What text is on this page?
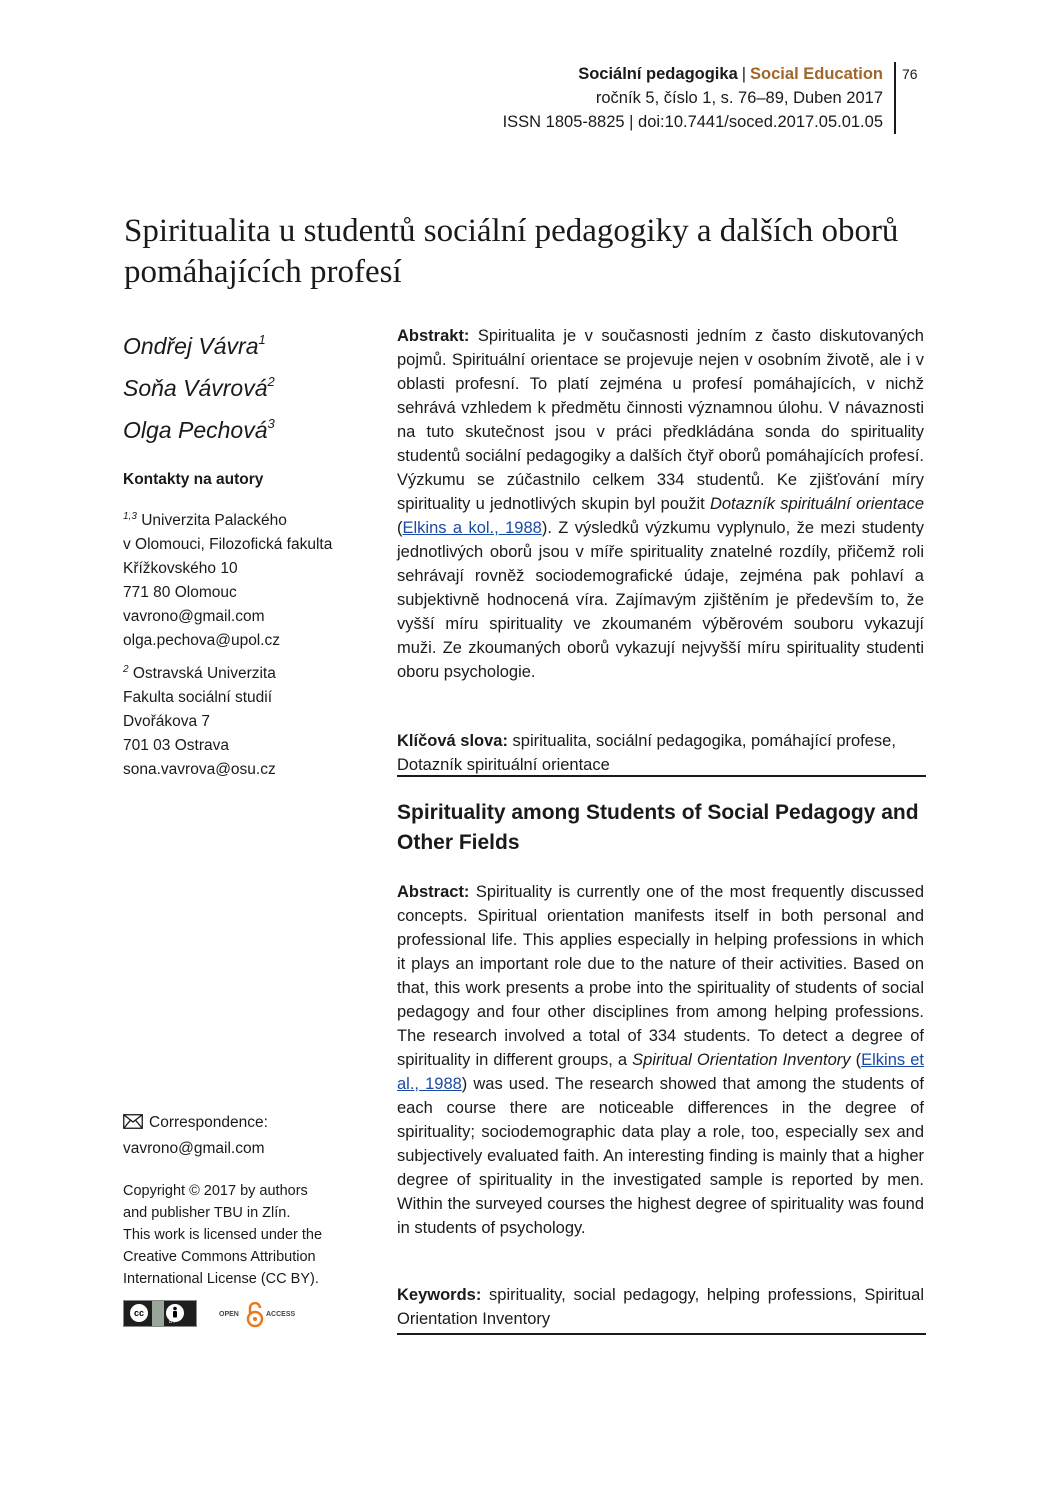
Sociální pedagogika | Social Education
ročník 5, číslo 1, s. 76–89, Duben 2017
ISSN 1805-8825 | doi:10.7441/soced.2017.05.01.05
76
Spiritualita u studentů sociální pedagogiky a dalších oborů pomáhajících profesí
Ondřej Vávra$^1$
Soňa Vávrová$^2$
Olga Pechová$^3$
Kontakty na autory
$^{1,3}$ Univerzita Palackého
v Olomouci, Filozofická fakulta
Křížkovského 10
771 80 Olomouc
vavrono@gmail.com
olga.pechova@upol.cz
$^2$ Ostravská Univerzita
Fakulta sociální studií
Dvořákova 7
701 03 Ostrava
sona.vavrova@osu.cz
Correspondence:
vavrono@gmail.com
Copyright © 2017 by authors
and publisher TBU in Zlín.
This work is licensed under the
Creative Commons Attribution
International License (CC BY).
cc
BY
OPEN	ACCESS

Abstrakt: Spiritualita je v současnosti jedním z často diskutovaných pojmů. Spirituální orientace se projevuje nejen v osobním životě, ale i v oblasti profesní. To platí zejména u profesí pomáhajících, v nichž sehrává vzhledem k předmětu činnosti významnou úlohu. V návaznosti na tuto skutečnost jsou v práci předkládána sonda do spirituality studentů sociální pedagogiky a dalších čtyř oborů pomáhajících profesí. Výzkumu se zúčastnilo celkem 334 studentů. Ke zjišťování míry spirituality u jednotlivých skupin byl použit Dotazník spirituální orientace (Elkins a kol., 1988). Z výsledků výzkumu vyplynulo, že mezi studenty jednotlivých oborů jsou v míře spirituality znatelné rozdíly, přičemž roli sehrávají rovněž sociodemografické údaje, zejména pak pohlaví a subjektivně hodnocená víra. Zajímavým zjištěním je především to, že vyšší míru spirituality ve zkoumaném výběrovém souboru vykazují muži. Ze zkoumaných oborů vykazují nejvyšší míru spirituality studenti oboru psychologie.

Klíčová slova: spiritualita, sociální pedagogika, pomáhající profese, Dotazník spirituální orientace

Spirituality among Students of Social Pedagogy and Other Fields

Abstract: Spirituality is currently one of the most frequently discussed concepts. Spiritual orientation manifests itself in both personal and professional life. This applies especially in helping professions in which it plays an important role due to the nature of their activities. Based on that, this work presents a probe into the spirituality of students of social pedagogy and four other disciplines from among helping professions. The research involved a total of 334 students. To detect a degree of spirituality in different groups, a Spiritual Orientation Inventory (Elkins et al., 1988) was used. The research showed that among the students of each course there are noticeable differences in the degree of spirituality; sociodemographic data play a role, too, especially sex and subjectively evaluated faith. An interesting finding is mainly that a higher degree of spirituality in the investigated sample is reported by men. Within the surveyed courses the highest degree of spirituality was found in students of psychology.

Keywords: spirituality, social pedagogy, helping professions, Spiritual Orientation Inventory
